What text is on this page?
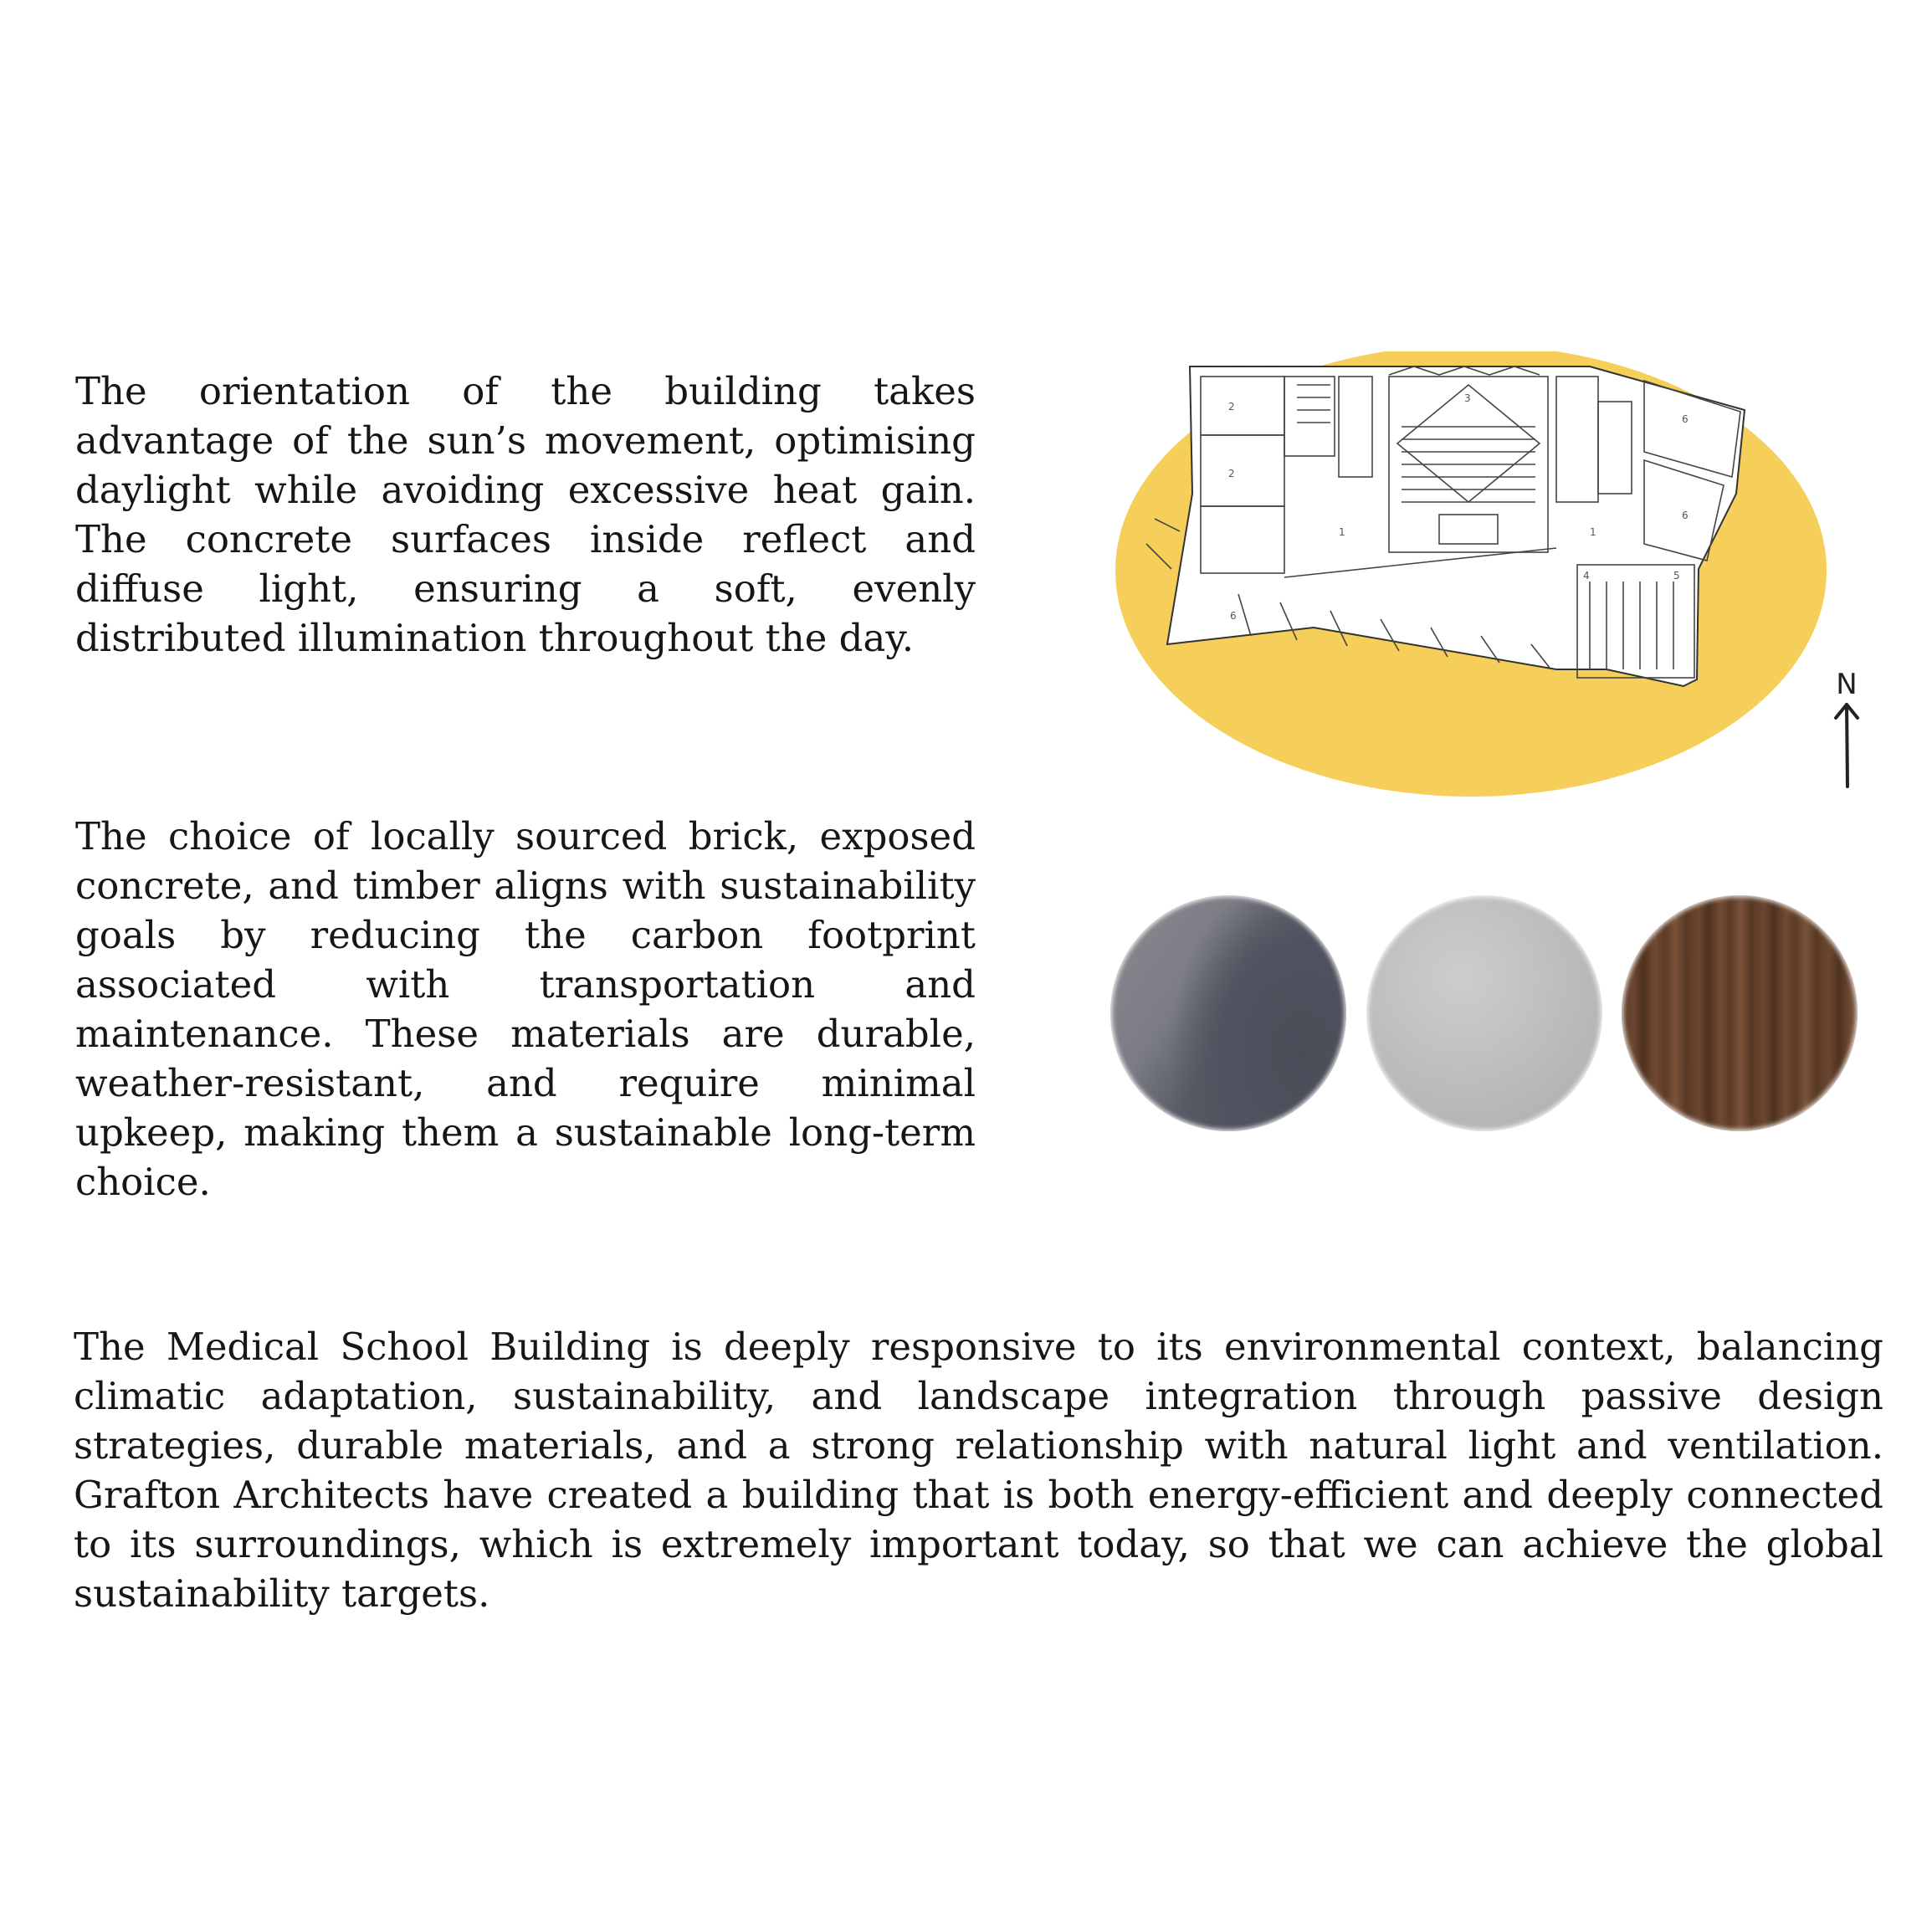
The orientation of the building takes advantage of the sun’s movement, optimising daylight while avoiding excessive heat gain. The concrete surfaces inside reflect and diffuse light, ensuring a soft, evenly distributed illumination throughout the day.

2
2
3
6
6
1	1
4	5
6
N

The choice of locally sourced brick, exposed concrete, and timber aligns with sustainability goals by reducing the carbon footprint associated with transportation and maintenance. These materials are durable, weather-resistant, and require minimal upkeep, making them a sustainable long-term choice.

The Medical School Building is deeply responsive to its environmental context, balancing climatic adaptation, sustainability, and landscape integration through passive design strategies, durable materials, and a strong relationship with natural light and ventilation. Grafton Architects have created a building that is both energy-efficient and deeply connected to its surroundings, which is extremely important today, so that we can achieve the global sustainability targets.
